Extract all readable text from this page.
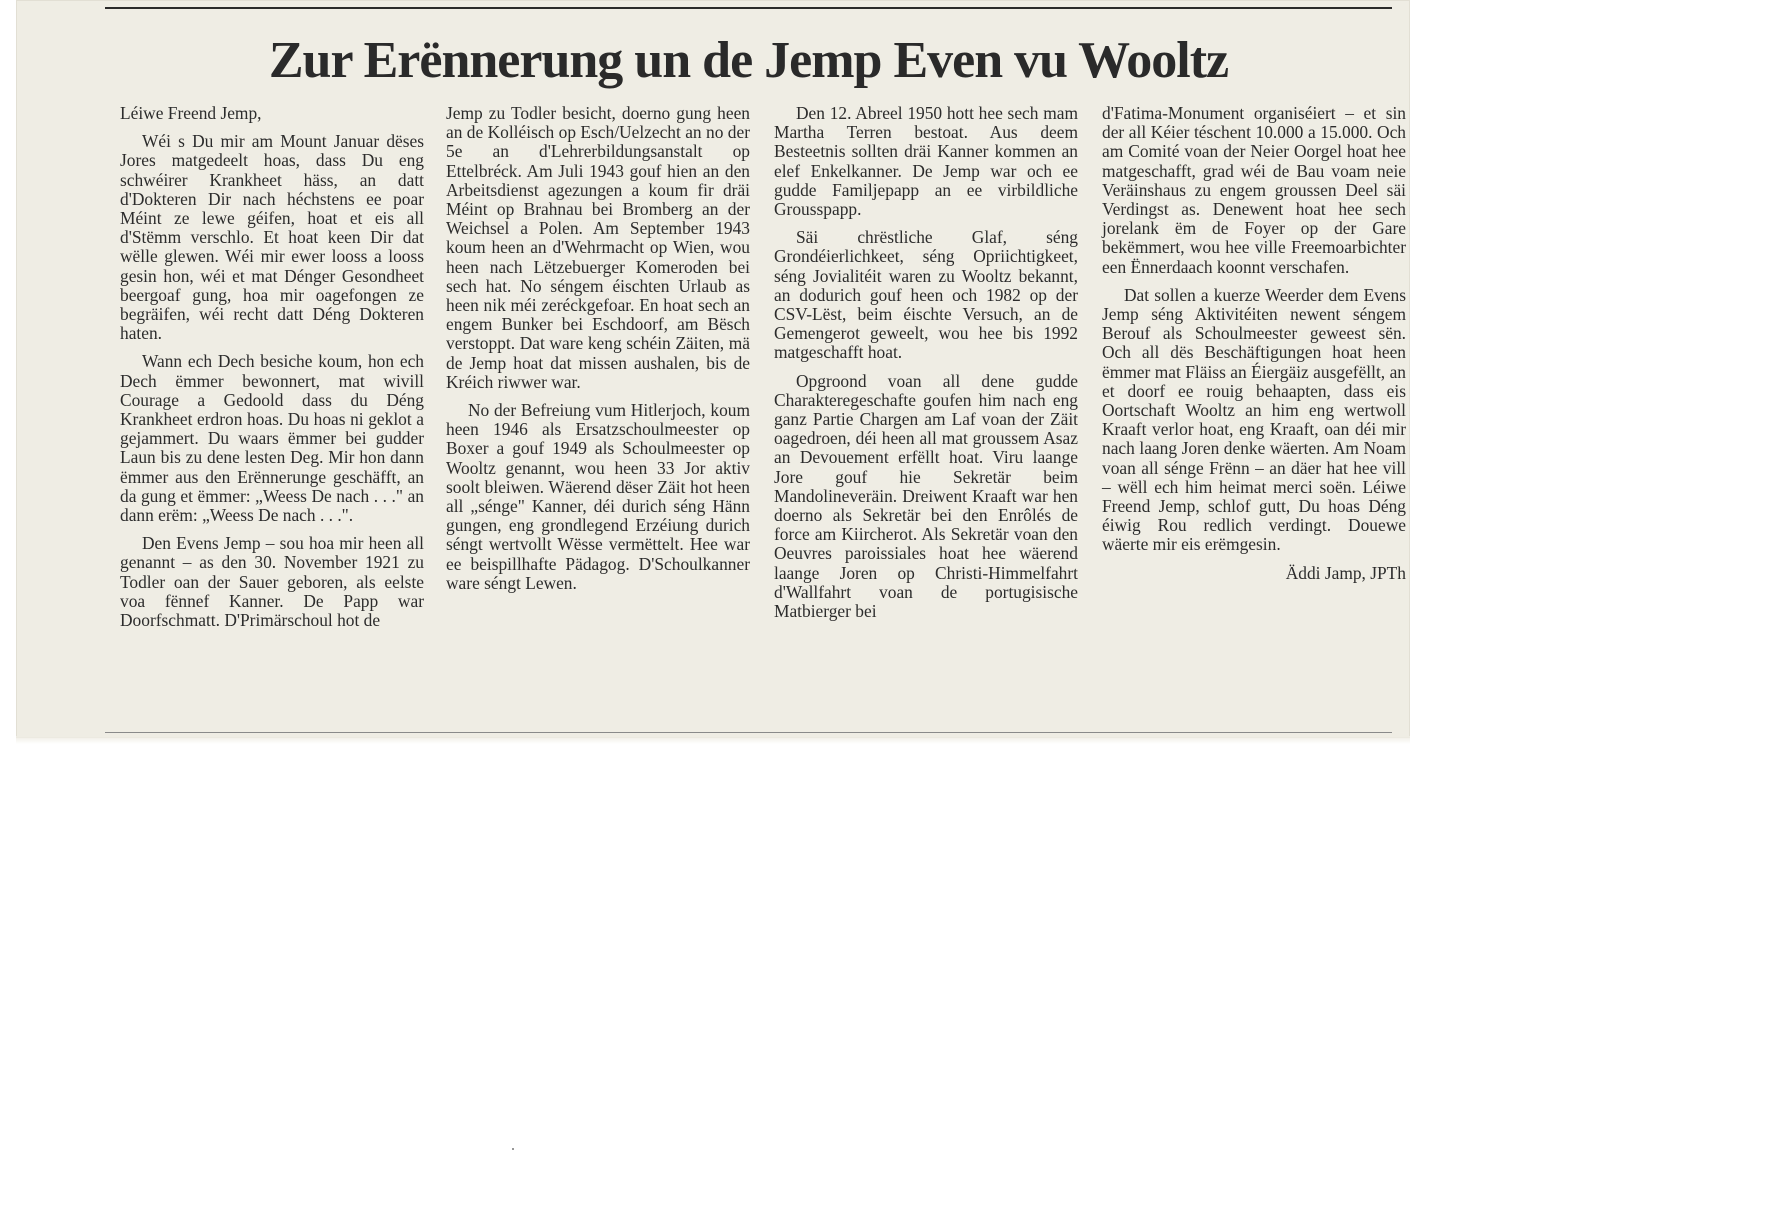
Zur Erënnerung un de Jemp Even vu Wooltz

Léiwe Freend Jemp,

Wéi s Du mir am Mount Januar dëses Jores matgedeelt hoas, dass Du eng schwéirer Krankheet häss, an datt d'Dokteren Dir nach héchstens ee poar Méint ze lewe géifen, hoat et eis all d'Stëmm verschlo. Et hoat keen Dir dat wëlle glewen. Wéi mir ewer looss a looss gesin hon, wéi et mat Dénger Gesondheet beergoaf gung, hoa mir oagefongen ze begräifen, wéi recht datt Déng Dokteren haten.

Wann ech Dech besiche koum, hon ech Dech ëmmer bewonnert, mat wivill Courage a Gedoold dass du Déng Krankheet erdron hoas. Du hoas ni geklot a gejammert. Du waars ëmmer bei gudder Laun bis zu dene lesten Deg. Mir hon dann ëmmer aus den Erënnerunge geschäfft, an da gung et ëmmer: „Weess De nach . . ." an dann erëm: „Weess De nach . . .".

Den Evens Jemp – sou hoa mir heen all genannt – as den 30. November 1921 zu Todler oan der Sauer geboren, als eelste voa fënnef Kanner. De Papp war Doorfschmatt. D'Primärschoul hot de

Jemp zu Todler besicht, doerno gung heen an de Kolléisch op Esch/Uelzecht an no der 5e an d'Lehrerbildungsanstalt op Ettelbréck. Am Juli 1943 gouf hien an den Arbeitsdienst agezungen a koum fir dräi Méint op Brahnau bei Bromberg an der Weichsel a Polen. Am September 1943 koum heen an d'Wehrmacht op Wien, wou heen nach Lëtzebuerger Komeroden bei sech hat. No séngem éischten Urlaub as heen nik méi zeréckgefoar. En hoat sech an engem Bunker bei Eschdoorf, am Bësch verstoppt. Dat ware keng schéin Zäiten, mä de Jemp hoat dat missen aushalen, bis de Kréich riwwer war.

No der Befreiung vum Hitlerjoch, koum heen 1946 als Ersatzschoulmeester op Boxer a gouf 1949 als Schoulmeester op Wooltz genannt, wou heen 33 Jor aktiv soolt bleiwen. Wäerend dëser Zäit hot heen all „sénge" Kanner, déi durich séng Hänn gungen, eng grondlegend Erzéiung durich séngt wertvollt Wësse vermëttelt. Hee war ee beispillhafte Pädagog. D'Schoulkanner ware séngt Lewen.

Den 12. Abreel 1950 hott hee sech mam Martha Terren bestoat. Aus deem Besteetnis sollten dräi Kanner kommen an elef Enkelkanner. De Jemp war och ee gudde Familjepapp an ee virbildliche Grousspapp.

Säi chrëstliche Glaf, séng Grondéierlichkeet, séng Opriichtigkeet, séng Jovialitéit waren zu Wooltz bekannt, an dodurich gouf heen och 1982 op der CSV-Lëst, beim éischte Versuch, an de Gemengerot geweelt, wou hee bis 1992 matgeschafft hoat.

Opgroond voan all dene gudde Charakteregeschafte goufen him nach eng ganz Partie Chargen am Laf voan der Zäit oagedroen, déi heen all mat groussem Asaz an Devouement erfëllt hoat. Viru laange Jore gouf hie Sekretär beim Mandolineveräin. Dreiwent Kraaft war hen doerno als Sekretär bei den Enrôlés de force am Kiircherot. Als Sekretär voan den Oeuvres paroissiales hoat hee wäerend laange Joren op Christi-Himmelfahrt d'Wallfahrt voan de portugisische Matbierger bei

d'Fatima-Monument organiséiert – et sin der all Kéier téschent 10.000 a 15.000. Och am Comité voan der Neier Oorgel hoat hee matgeschafft, grad wéi de Bau voam neie Veräinshaus zu engem groussen Deel säi Verdingst as. Denewent hoat hee sech jorelank ëm de Foyer op der Gare bekëmmert, wou hee ville Freemoarbichter een Ënnerdaach koonnt verschafen.

Dat sollen a kuerze Weerder dem Evens Jemp séng Aktivitéiten newent séngem Berouf als Schoulmeester geweest sën. Och all dës Beschäftigungen hoat heen ëmmer mat Fläiss an Éiergäiz ausgefëllt, an et doorf ee rouig behaapten, dass eis Oortschaft Wooltz an him eng wertwoll Kraaft verlor hoat, eng Kraaft, oan déi mir nach laang Joren denke wäerten. Am Noam voan all sénge Frënn – an däer hat hee vill – wëll ech him heimat merci soën. Léiwe Freend Jemp, schlof gutt, Du hoas Déng éiwig Rou redlich verdingt. Douewe wäerte mir eis erëmgesin.

Äddi Jamp, JPTh
